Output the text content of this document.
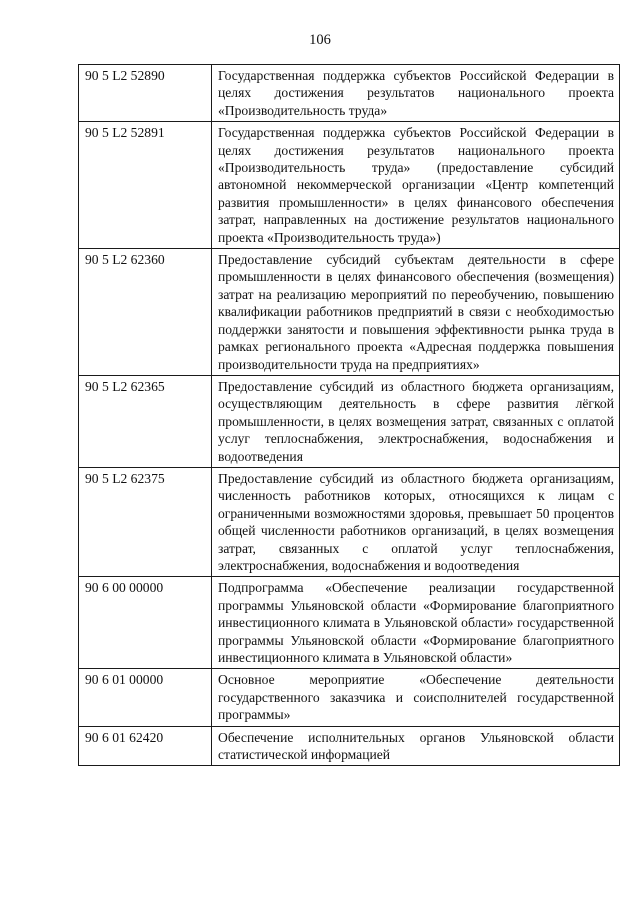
106
90 5 L2 52890	Государственная поддержка субъектов Российской Федерации в целях достижения результатов национального проекта «Производительность труда»
90 5 L2 52891	Государственная поддержка субъектов Российской Федерации в целях достижения результатов национального проекта «Производительность труда» (предоставление субсидий автономной некоммерческой организации «Центр компетенций развития промышленности» в целях финансового обеспечения затрат, направленных на достижение результатов национального проекта «Производительность труда»)
90 5 L2 62360	Предоставление субсидий субъектам деятельности в сфере промышленности в целях финансового обеспечения (возмещения) затрат на реализацию мероприятий по переобучению, повышению квалификации работников предприятий в связи с необходимостью поддержки занятости и повышения эффективности рынка труда в рамках регионального проекта «Адресная поддержка повышения производительности труда на предприятиях»
90 5 L2 62365	Предоставление субсидий из областного бюджета организациям, осуществляющим деятельность в сфере развития лёгкой промышленности, в целях возмещения затрат, связанных с оплатой услуг теплоснабжения, электроснабжения, водоснабжения и водоотведения
90 5 L2 62375	Предоставление субсидий из областного бюджета организациям, численность работников которых, относящихся к лицам с ограниченными возможностями здоровья, превышает 50 процентов общей численности работников организаций, в целях возмещения затрат, связанных с оплатой услуг теплоснабжения, электроснабжения, водоснабжения и водоотведения
90 6 00 00000	Подпрограмма «Обеспечение реализации государственной программы Ульяновской области «Формирование благоприятного инвестиционного климата в Ульяновской области» государственной программы Ульяновской области «Формирование благоприятного инвестиционного климата в Ульяновской области»
90 6 01 00000	Основное мероприятие «Обеспечение деятельности государственного заказчика и соисполнителей государственной программы»
90 6 01 62420	Обеспечение исполнительных органов Ульяновской области статистической информацией
